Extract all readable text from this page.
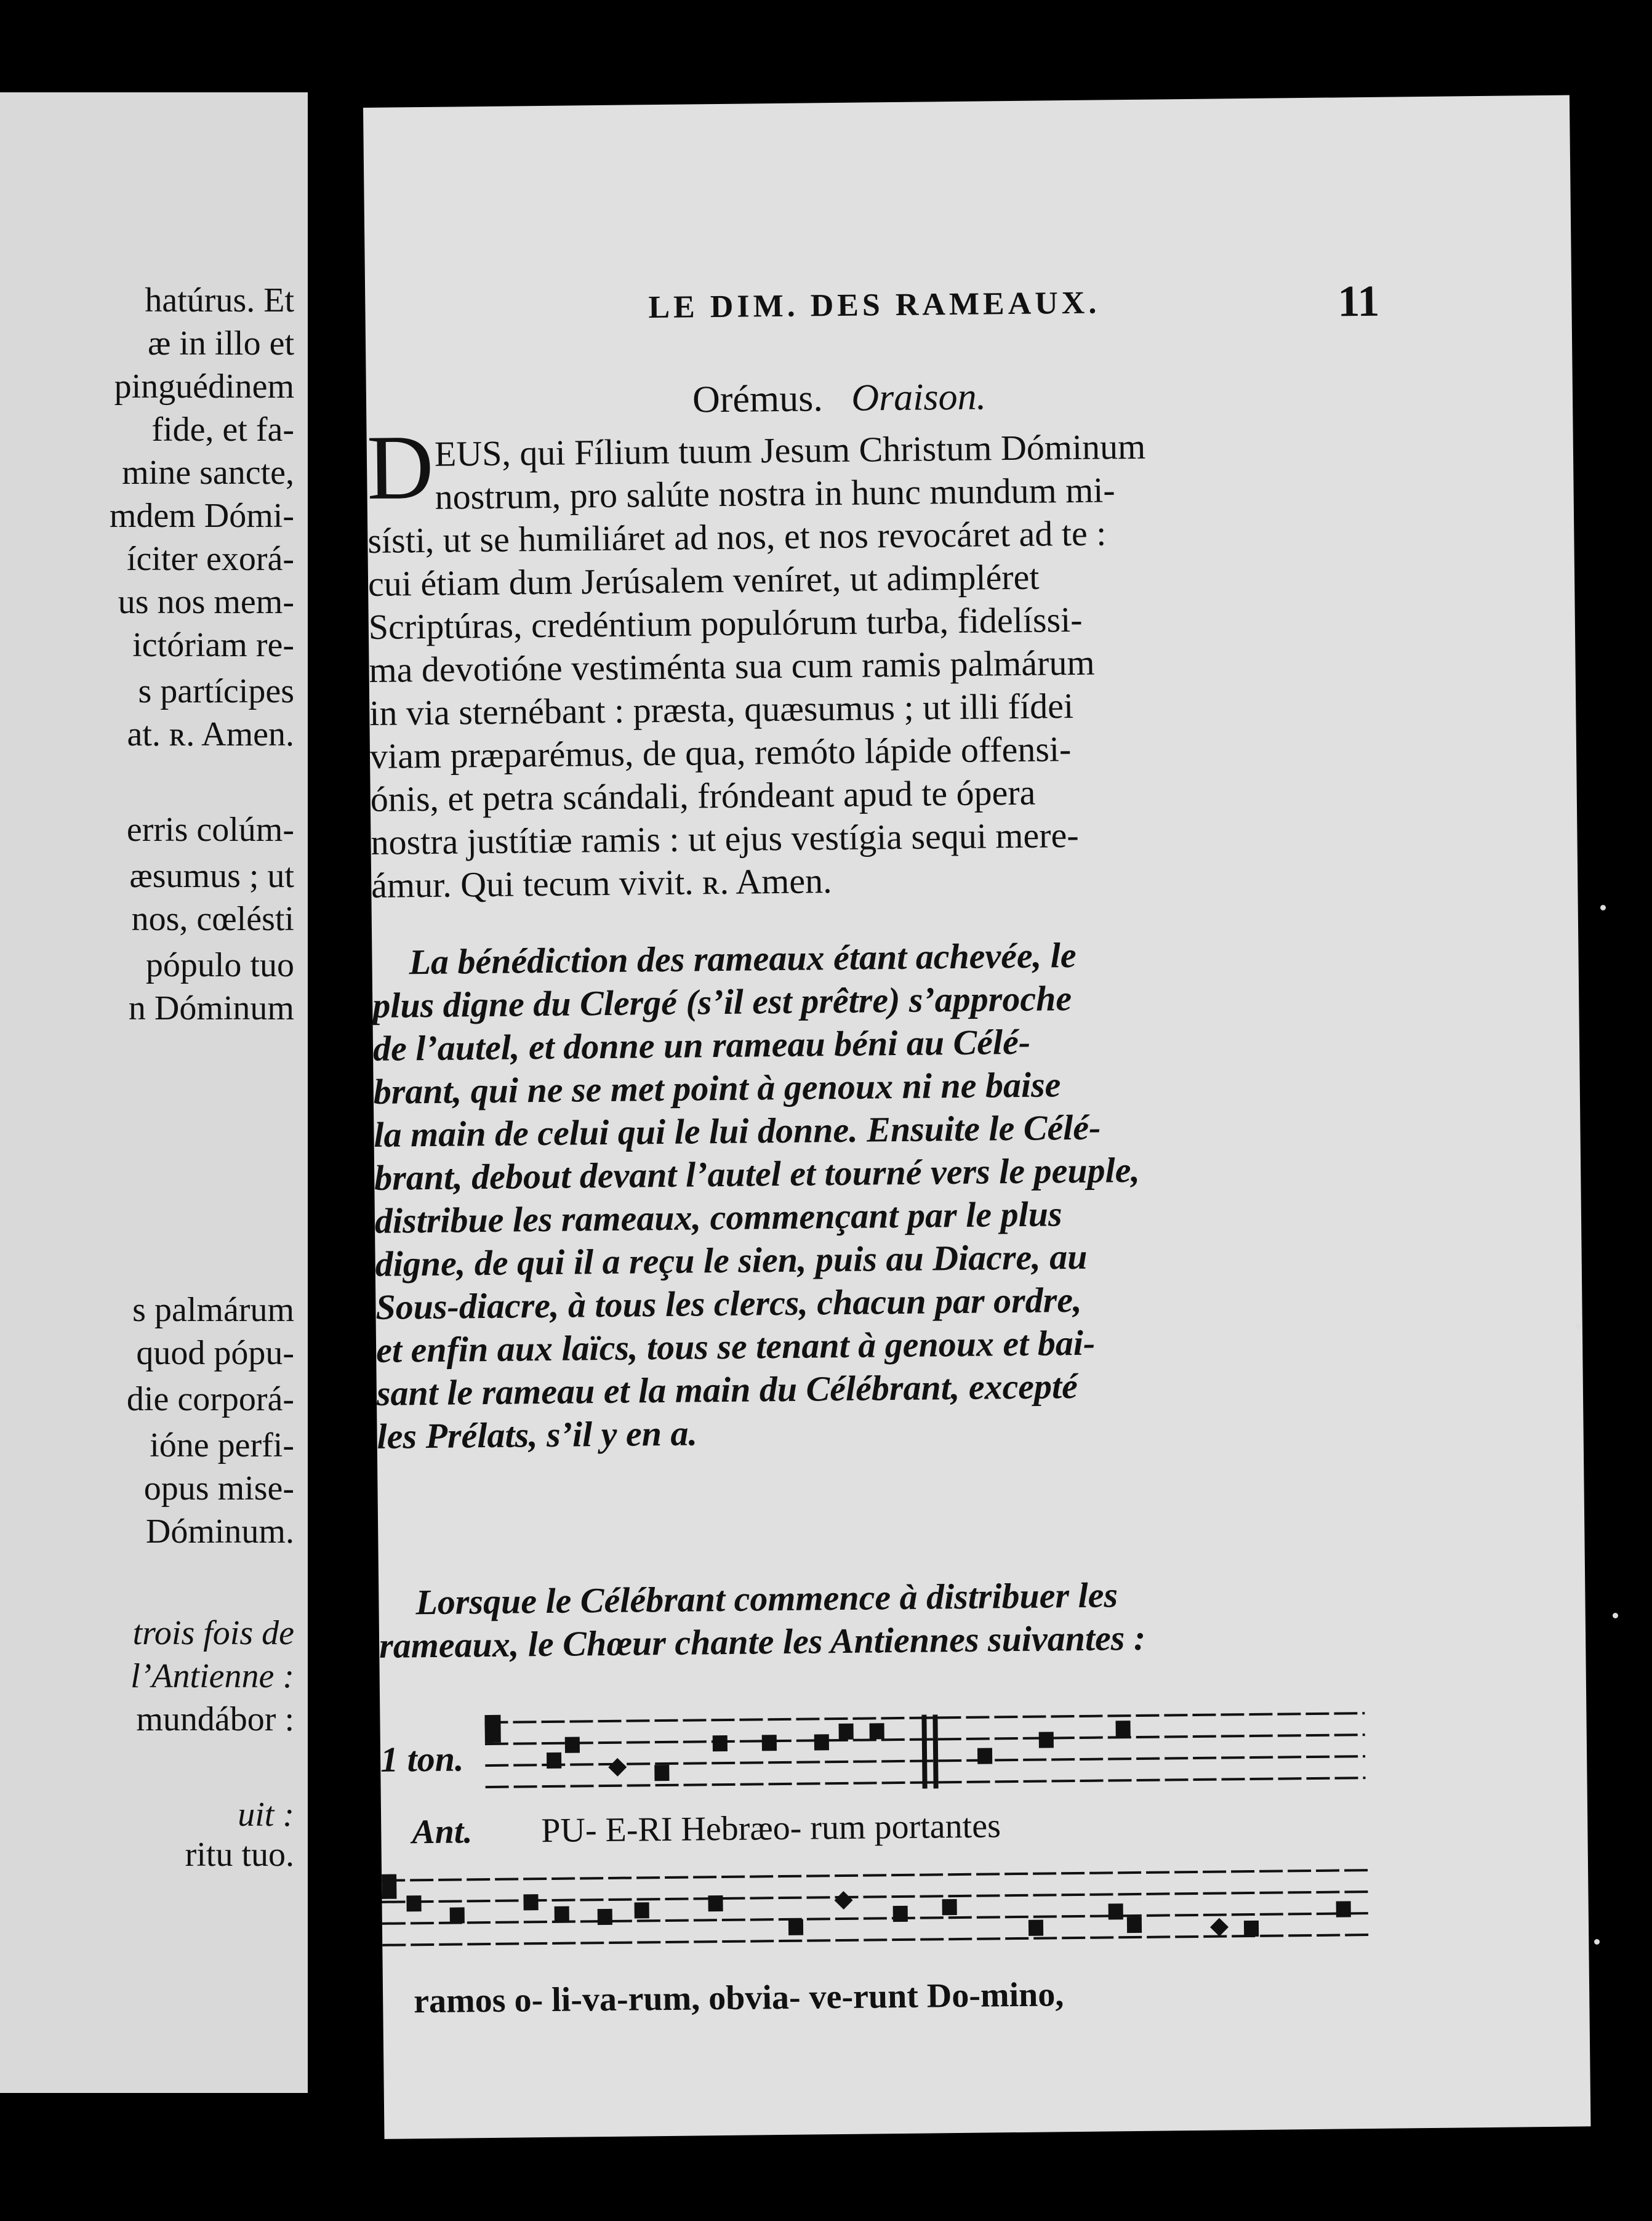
hatúrus. Et
æ in illo et
pinguédinem
fide, et fa-
mine sancte,
mdem Dómi-
íciter exorá-
us nos mem-
ictóriam re-
s partícipes
at. ʀ. Amen.
erris colúm-
æsumus ; ut
nos, cœlésti
pópulo tuo
n Dóminum
s palmárum
quod pópu-
die corporá-
ióne perfi-
opus mise-
Dóminum.
trois fois de
l’Antienne :
mundábor :
uit :
ritu tuo.
LE DIM. DES RAMEAUX.	11
Orémus. Oraison.
D EUS, qui Fílium tuum Jesum Christum Dóminum
nostrum, pro salúte nostra in hunc mundum mi-
sísti, ut se humiliáret ad nos, et nos revocáret ad te :
cui étiam dum Jerúsalem veníret, ut adimpléret
Scriptúras, credéntium populórum turba, fidelíssi-
ma devotióne vestiménta sua cum ramis palmárum
in via sternébant : præsta, quæsumus ; ut illi fídei
viam præparémus, de qua, remóto lápide offensi-
ónis, et petra scándali, fróndeant apud te ópera
nostra justítiæ ramis : ut ejus vestígia sequi mere-
ámur. Qui tecum vivit. ʀ. Amen.
La bénédiction des rameaux étant achevée, le
plus digne du Clergé (s’il est prêtre) s’approche
de l’autel, et donne un rameau béni au Célé-
brant, qui ne se met point à genoux ni ne baise
la main de celui qui le lui donne. Ensuite le Célé-
brant, debout devant l’autel et tourné vers le peuple,
distribue les rameaux, commençant par le plus
digne, de qui il a reçu le sien, puis au Diacre, au
Sous-diacre, à tous les clercs, chacun par ordre,
et enfin aux laïcs, tous se tenant à genoux et bai-
sant le rameau et la main du Célébrant, excepté
les Prélats, s’il y en a.
Lorsque le Célébrant commence à distribuer les
rameaux, le Chœur chante les Antiennes suivantes :
1 ton.
Ant. PU- E-RI Hebræo- rum portantes
ramos o- li-va-rum, obvia- ve-runt Do-mino,
